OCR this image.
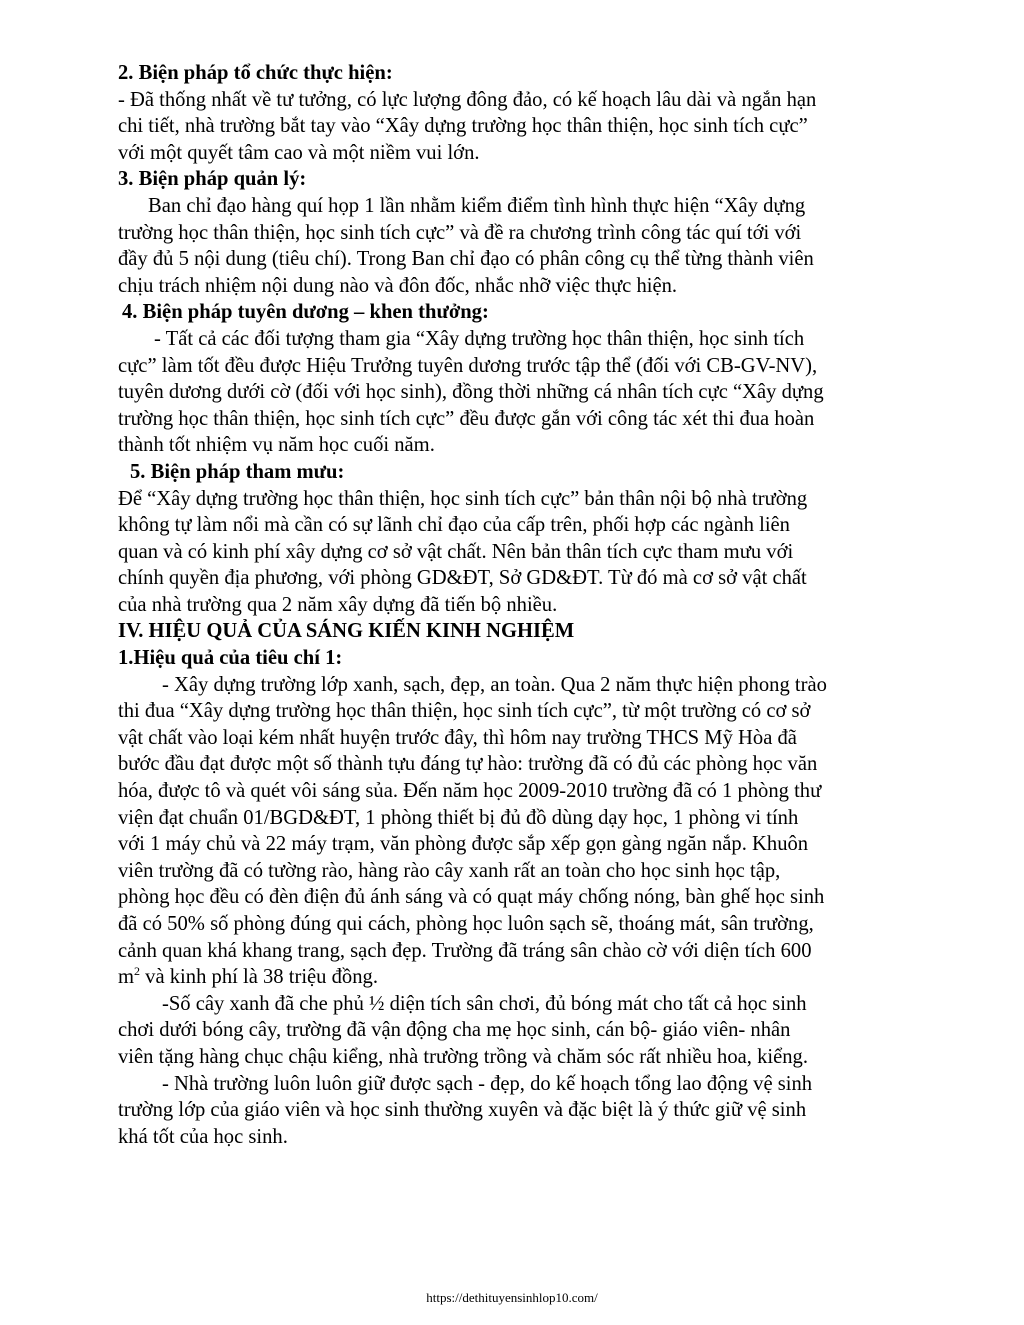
2. Biện pháp tổ chức thực hiện:
- Đã thống nhất về tư tưởng, có lực lượng đông đảo, có kế hoạch lâu dài và ngắn hạn
chi tiết, nhà trường bắt tay vào “Xây dựng trường học thân thiện, học sinh tích cực”
với một quyết tâm cao và một niềm vui lớn.
3. Biện pháp quản lý:
Ban chỉ đạo hàng quí họp 1 lần nhằm kiểm điểm tình hình thực hiện “Xây dựng
trường học thân thiện, học sinh tích cực” và đề ra chương trình công tác quí tới với
đầy đủ 5 nội dung (tiêu chí). Trong Ban chỉ đạo có phân công cụ thể từng thành viên
chịu trách nhiệm nội dung nào và đôn đốc, nhắc nhỡ việc thực hiện.
4. Biện pháp tuyên dương – khen thưởng:
- Tất cả các đối tượng tham gia “Xây dựng trường học thân thiện, học sinh tích
cực” làm tốt đều được Hiệu Trưởng tuyên dương trước tập thể (đối với CB-GV-NV),
tuyên dương dưới cờ (đối với học sinh), đồng thời những cá nhân tích cực “Xây dựng
trường học thân thiện, học sinh tích cực” đều được gắn với công tác xét thi đua hoàn
thành tốt nhiệm vụ năm học cuối năm.
5. Biện pháp tham mưu:
Để “Xây dựng trường học thân thiện, học sinh tích cực” bản thân nội bộ nhà trường
không tự làm nổi mà cần có sự lãnh chỉ đạo của cấp trên, phối hợp các ngành liên
quan và có kinh phí xây dựng cơ sở vật chất. Nên bản thân tích cực tham mưu với
chính quyền địa phương, với phòng GD&ĐT, Sở GD&ĐT. Từ đó mà cơ sở vật chất
của nhà trường qua 2 năm xây dựng đã tiến bộ nhiều.
IV. HIỆU QUẢ CỦA SÁNG KIẾN KINH NGHIỆM
1.Hiệu quả của tiêu chí 1:
- Xây dựng trường lớp xanh, sạch, đẹp, an toàn. Qua 2 năm thực hiện phong trào
thi đua “Xây dựng trường học thân thiện, học sinh tích cực”, từ một trường có cơ sở
vật chất vào loại kém nhất huyện trước đây, thì hôm nay trường THCS Mỹ Hòa đã
bước đầu đạt được một số thành tựu đáng tự hào: trường đã có đủ các phòng học văn
hóa, được tô và quét vôi sáng sủa. Đến năm học 2009-2010 trường đã có 1 phòng thư
viện đạt chuẩn 01/BGD&ĐT, 1 phòng thiết bị đủ đồ dùng dạy học, 1 phòng vi tính
với 1 máy chủ và 22 máy trạm, văn phòng được sắp xếp gọn gàng ngăn nắp. Khuôn
viên trường đã có tường rào, hàng rào cây xanh rất an toàn cho học sinh học tập,
phòng học đều có đèn điện đủ ánh sáng và có quạt máy chống nóng, bàn ghế học sinh
đã có 50% số phòng đúng qui cách, phòng học luôn sạch sẽ, thoáng mát, sân trường,
cảnh quan khá khang trang, sạch đẹp. Trường đã tráng sân chào cờ với diện tích 600
$m^2$ và kinh phí là 38 triệu đồng.
-Số cây xanh đã che phủ ½ diện tích sân chơi, đủ bóng mát cho tất cả học sinh
chơi dưới bóng cây, trường đã vận động cha mẹ học sinh, cán bộ- giáo viên- nhân
viên tặng hàng chục chậu kiểng, nhà trường trồng và chăm sóc rất nhiều hoa, kiểng.
- Nhà trường luôn luôn giữ được sạch - đẹp, do kế hoạch tổng lao động vệ sinh
trường lớp của giáo viên và học sinh thường xuyên và đặc biệt là ý thức giữ vệ sinh
khá tốt của học sinh.
https://dethituyensinhlop10.com/
